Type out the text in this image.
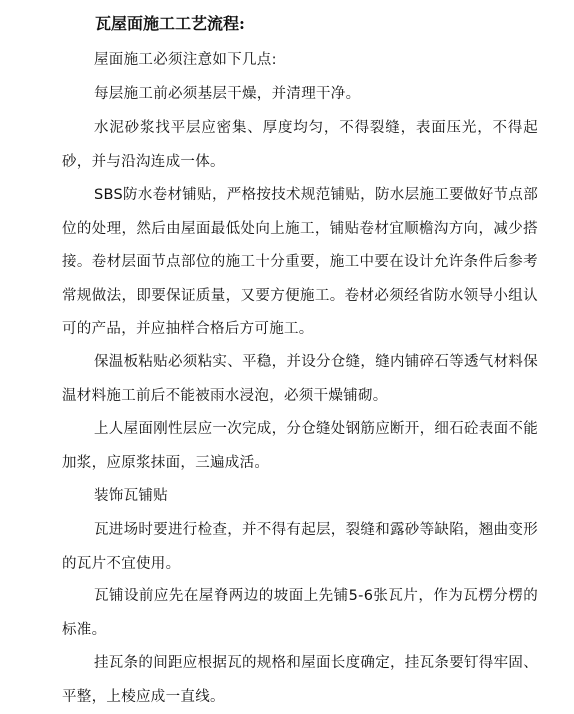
瓦屋面施工工艺流程:

屋面施工必须注意如下几点:

每层施工前必须基层干燥，并清理干净。

水泥砂浆找平层应密集、厚度均匀，不得裂缝，表面压光，不得起砂，并与沿沟连成一体。

SBS防水卷材铺贴，严格按技术规范铺贴，防水层施工要做好节点部位的处理，然后由屋面最低处向上施工，铺贴卷材宜顺檐沟方向，减少搭接。卷材层面节点部位的施工十分重要，施工中要在设计允许条件后参考常规做法，即要保证质量，又要方便施工。卷材必须经省防水领导小组认可的产品，并应抽样合格后方可施工。

保温板粘贴必须粘实、平稳，并设分仓缝，缝内铺碎石等透气材料保温材料施工前后不能被雨水浸泡，必须干燥铺砌。

上人屋面刚性层应一次完成，分仓缝处钢筋应断开，细石砼表面不能加浆，应原浆抹面，三遍成活。

装饰瓦铺贴

瓦进场时要进行检查，并不得有起层，裂缝和露砂等缺陷，翘曲变形的瓦片不宜使用。

瓦铺设前应先在屋脊两边的坡面上先铺5-6张瓦片，作为瓦楞分楞的标准。

挂瓦条的间距应根据瓦的规格和屋面长度确定，挂瓦条要钉得牢固、平整，上棱应成一直线。
